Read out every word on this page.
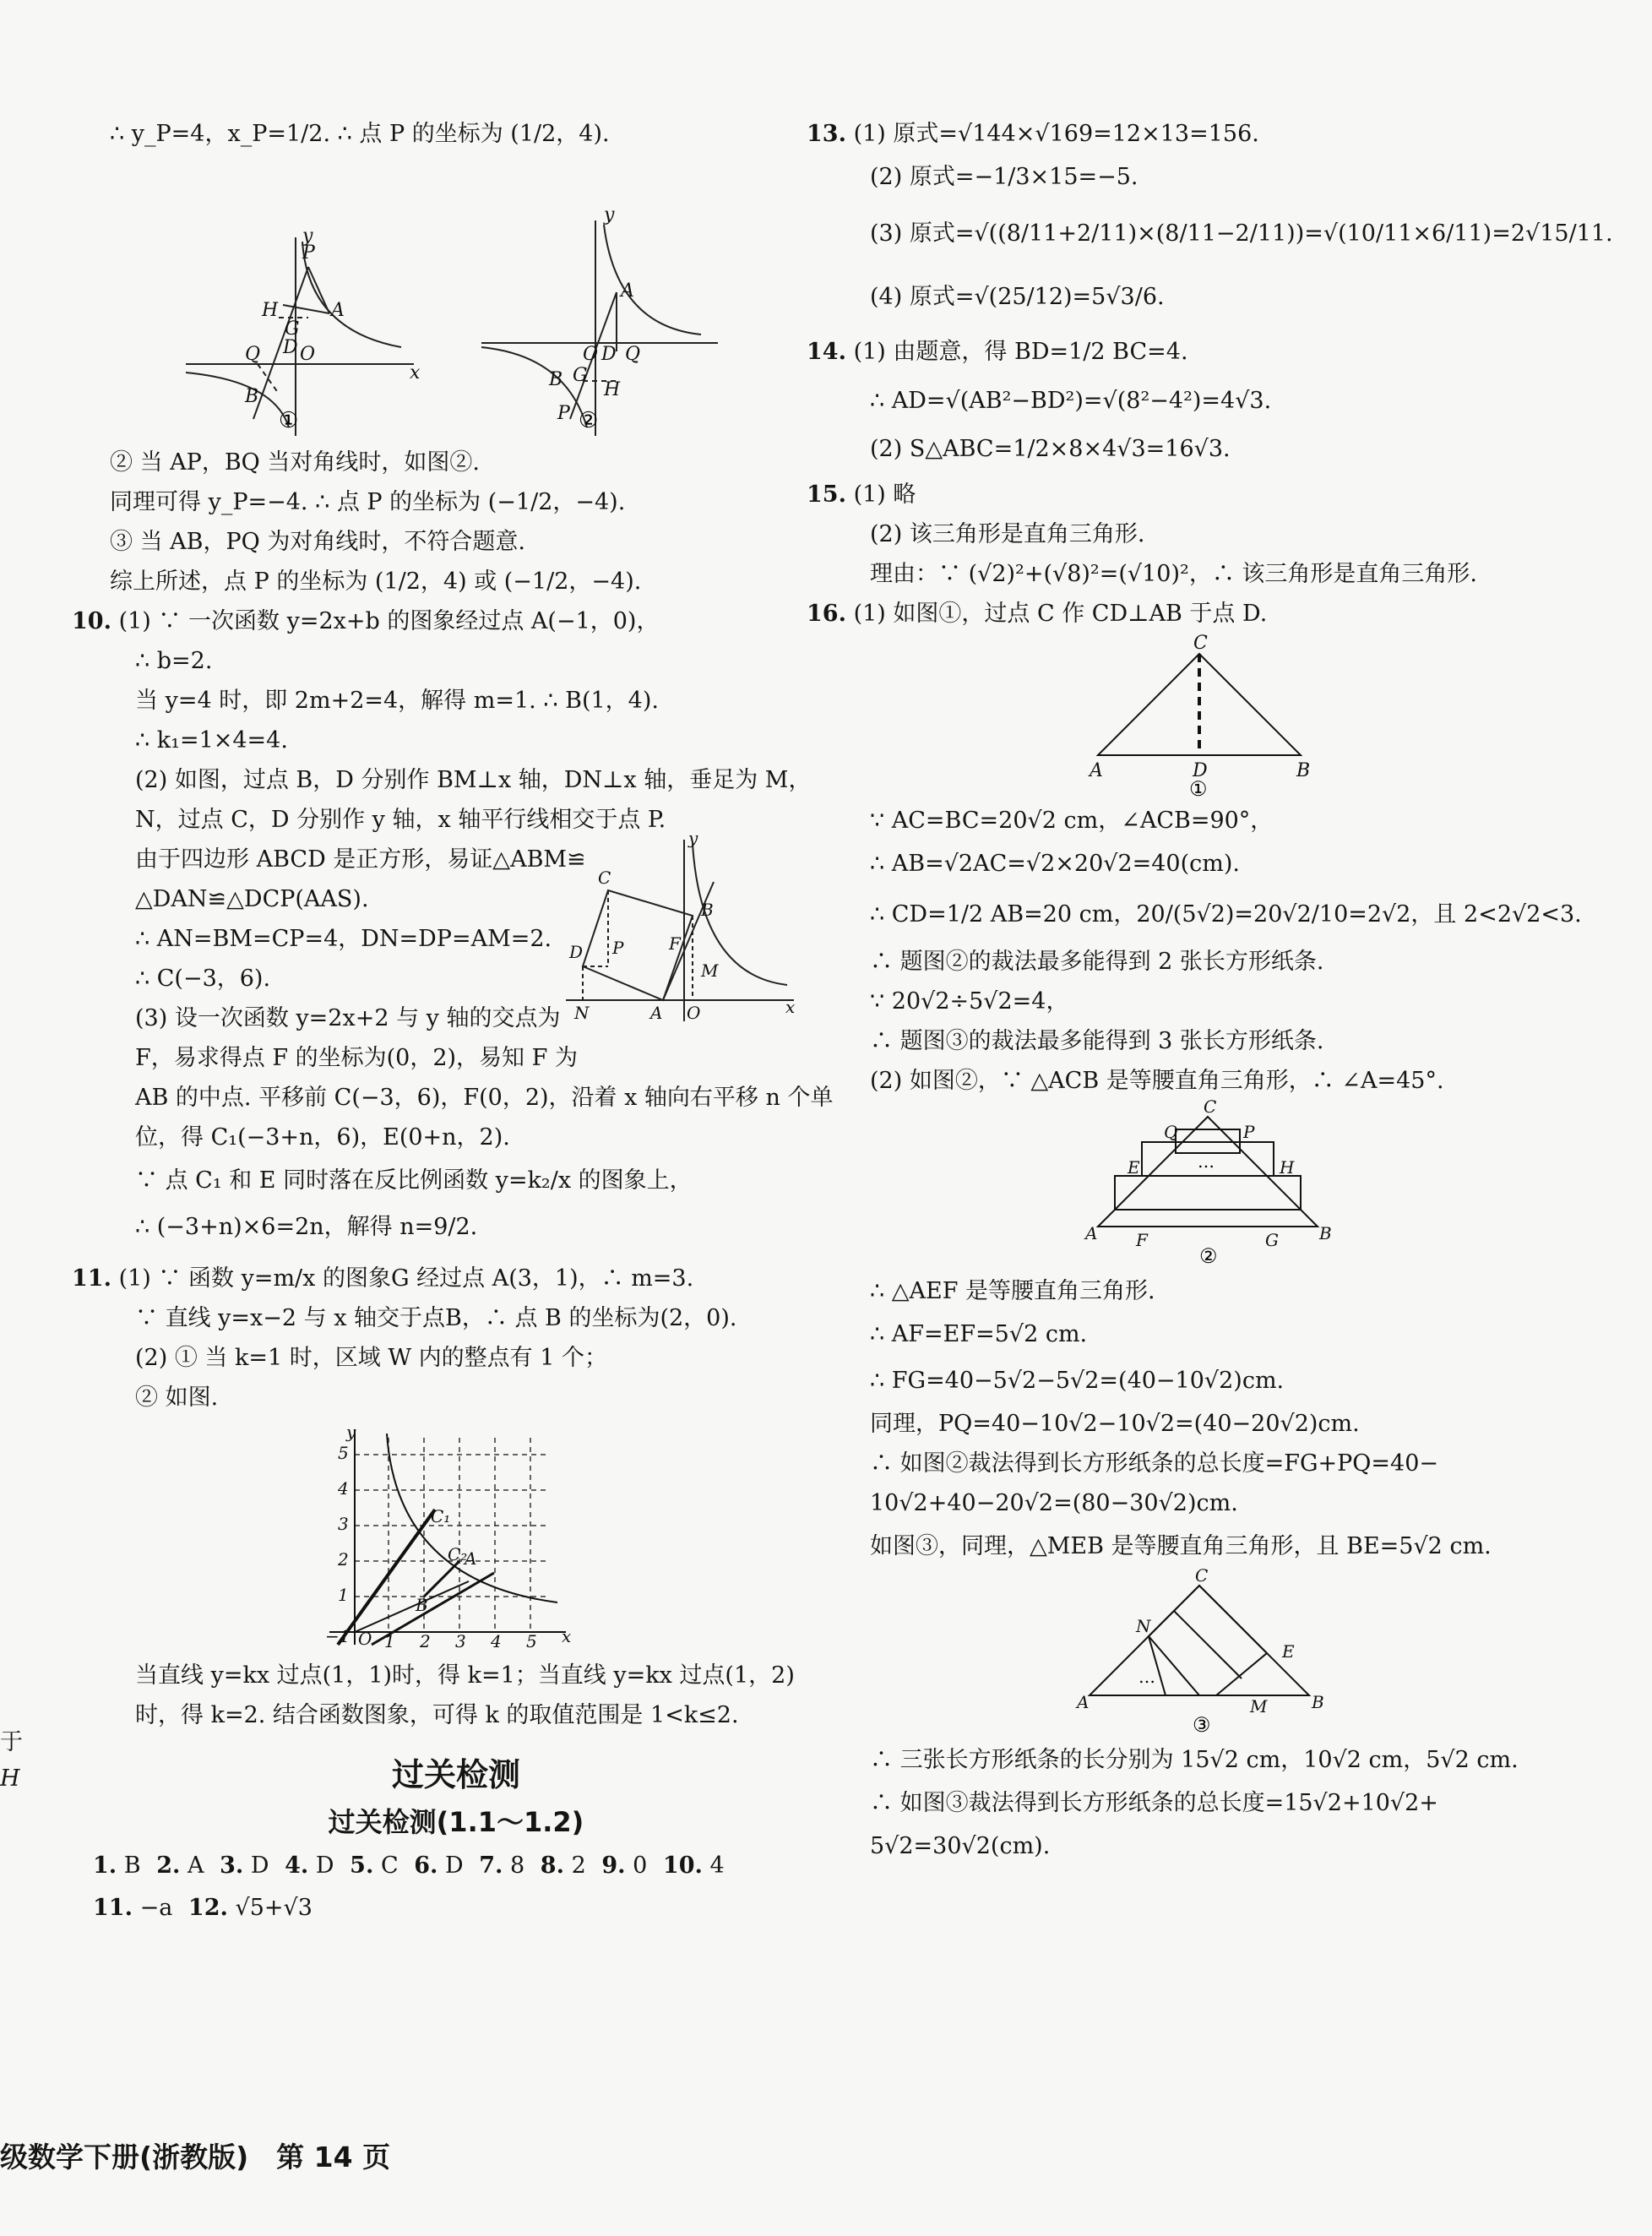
∴ y_P=4，x_P=1/2. ∴ 点 P 的坐标为 (1/2，4).
P
A
H
G
D
Q O
B
x
y
①
A
O D Q
B G
H
P
y
②
② 当 AP，BQ 当对角线时，如图②.
同理可得 y_P=−4. ∴ 点 P 的坐标为 (−1/2，−4).
③ 当 AB，PQ 为对角线时，不符合题意.
综上所述，点 P 的坐标为 (1/2，4) 或 (−1/2，−4).
10. (1) ∵ 一次函数 y=2x+b 的图象经过点 A(−1，0)，
∴ b=2.
当 y=4 时，即 2m+2=4，解得 m=1. ∴ B(1，4).
∴ k₁=1×4=4.
(2) 如图，过点 B，D 分别作 BM⊥x 轴，DN⊥x 轴，垂足为 M，
N，过点 C，D 分别作 y 轴，x 轴平行线相交于点 P.
由于四边形 ABCD 是正方形，易证△ABM≌
△DAN≌△DCP(AAS).
∴ AN=BM=CP=4，DN=DP=AM=2.
∴ C(−3，6).
(3) 设一次函数 y=2x+2 与 y 轴的交点为
F，易求得点 F 的坐标为(0，2)，易知 F 为
C
D
B
F
P
N	A O
M
x
y
AB 的中点. 平移前 C(−3，6)，F(0，2)，沿着 x 轴向右平移 n 个单
位，得 C₁(−3+n，6)，E(0+n，2).
∵ 点 C₁ 和 E 同时落在反比例函数 y=k₂/x 的图象上，
∴ (−3+n)×6=2n，解得 n=9/2.
11. (1) ∵ 函数 y=m/x 的图象G 经过点 A(3，1)，∴ m=3.
∵ 直线 y=x−2 与 x 轴交于点B，∴ 点 B 的坐标为(2，0).
(2) ① 当 k=1 时，区域 W 内的整点有 1 个；
② 如图.
5
4
3
2
1
1 2 3 4 5
−1 O	x
y
A
B
C₁
C₂
当直线 y=kx 过点(1，1)时，得 k=1；当直线 y=kx 过点(1，2)
时，得 k=2. 结合函数图象，可得 k 的取值范围是 1<k≤2.
过关检测
过关检测(1.1～1.2)
1. B 2. A 3. D 4. D 5. C 6. D 7. 8 8. 2 9. 0 10. 4
11. −a 12. √5+√3
13. (1) 原式=√144×√169=12×13=156.
(2) 原式=−1/3×15=−5.
(3) 原式=√((8/11+2/11)×(8/11−2/11))=√(10/11×6/11)=2√15/11.
(4) 原式=√(25/12)=5√3/6.
14. (1) 由题意，得 BD=1/2 BC=4.
∴ AD=√(AB²−BD²)=√(8²−4²)=4√3.
(2) S△ABC=1/2×8×4√3=16√3.
15. (1) 略
(2) 该三角形是直角三角形.
理由：∵ (√2)²+(√8)²=(√10)²，∴ 该三角形是直角三角形.
16. (1) 如图①，过点 C 作 CD⊥AB 于点 D.
C
A	D	B
①
∵ AC=BC=20√2 cm，∠ACB=90°，
∴ AB=√2AC=√2×20√2=40(cm).
∴ CD=1/2 AB=20 cm，20/(5√2)=20√2/10=2√2，且 2<2√2<3.
∴ 题图②的裁法最多能得到 2 张长方形纸条.
∵ 20√2÷5√2=4，
∴ 题图③的裁法最多能得到 3 张长方形纸条.
(2) 如图②，∵ △ACB 是等腰直角三角形，∴ ∠A=45°.
C
Q	P
E	H
A F	G B
…
②
∴ △AEF 是等腰直角三角形.
∴ AF=EF=5√2 cm.
∴ FG=40−5√2−5√2=(40−10√2)cm.
同理，PQ=40−10√2−10√2=(40−20√2)cm.
∴ 如图②裁法得到长方形纸条的总长度=FG+PQ=40−
10√2+40−20√2=(80−30√2)cm.
如图③，同理，△MEB 是等腰直角三角形，且 BE=5√2 cm.
C
N
A
E
M	B
…
③
∴ 三张长方形纸条的长分别为 15√2 cm，10√2 cm，5√2 cm.
∴ 如图③裁法得到长方形纸条的总长度=15√2+10√2+
5√2=30√2(cm).
于
H
级数学下册(浙教版)　第 14 页
